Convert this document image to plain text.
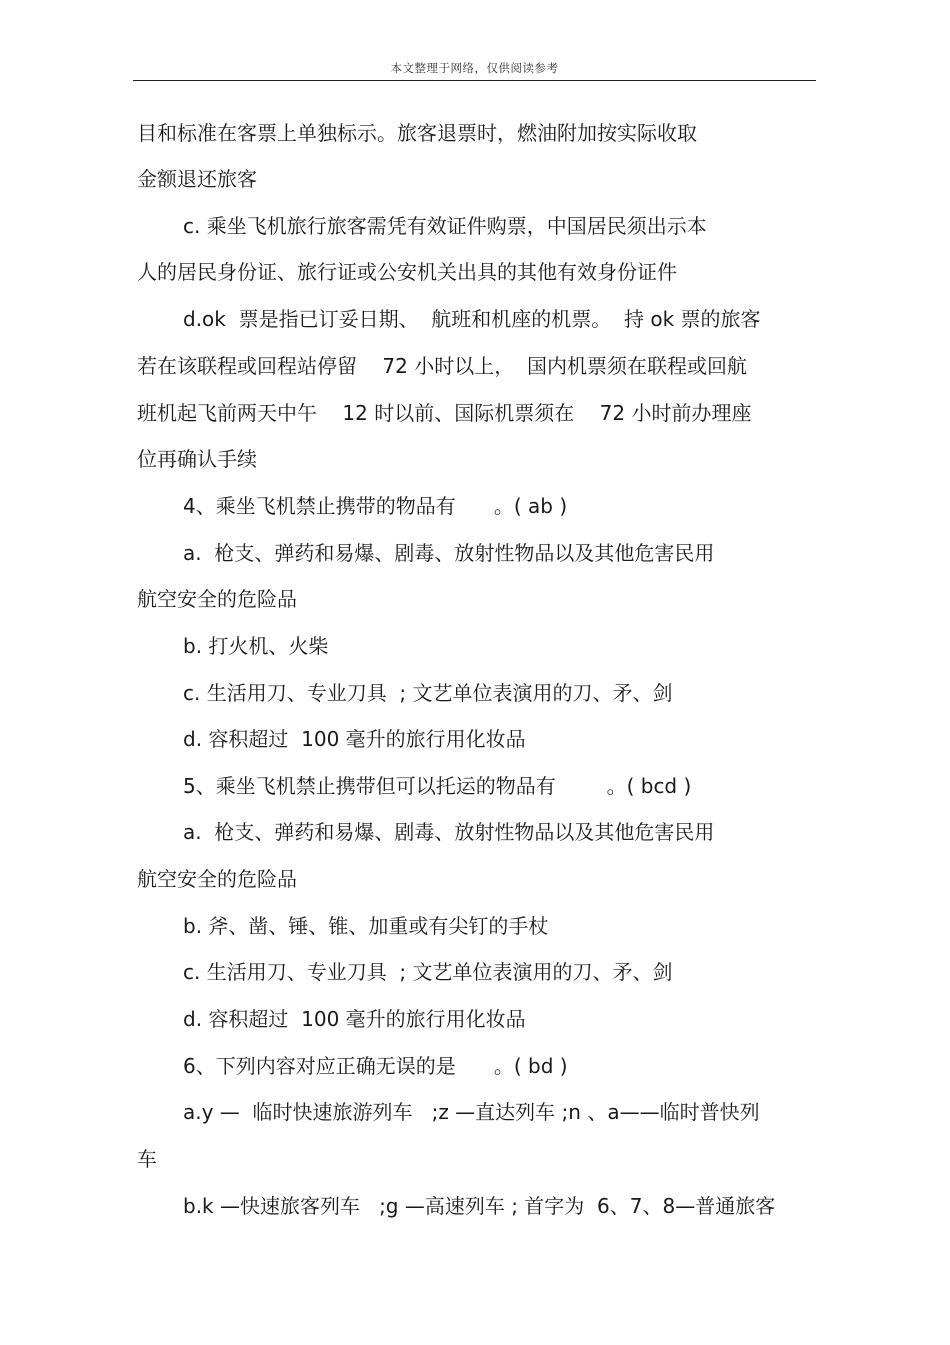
本文整理于网络，仅供阅读参考
目和标准在客票上单独标示。旅客退票时，燃油附加按实际收取
金额退还旅客
c. 乘坐飞机旅行旅客需凭有效证件购票，中国居民须出示本
人的居民身份证、旅行证或公安机关出具的其他有效身份证件
d.ok  票是指已订妥日期、  航班和机座的机票。  持 ok 票的旅客
若在该联程或回程站停留    72 小时以上，  国内机票须在联程或回航
班机起飞前两天中午    12 时以前、国际机票须在    72 小时前办理座
位再确认手续
4、乘坐飞机禁止携带的物品有      。( ab )
a.  枪支、弹药和易爆、剧毒、放射性物品以及其他危害民用
航空安全的危险品
b. 打火机、火柴
c. 生活用刀、专业刀具  ; 文艺单位表演用的刀、矛、剑
d. 容积超过  100 毫升的旅行用化妆品
5、乘坐飞机禁止携带但可以托运的物品有        。( bcd )
a.  枪支、弹药和易爆、剧毒、放射性物品以及其他危害民用
航空安全的危险品
b. 斧、凿、锤、锥、加重或有尖钉的手杖
c. 生活用刀、专业刀具  ; 文艺单位表演用的刀、矛、剑
d. 容积超过  100 毫升的旅行用化妆品
6、下列内容对应正确无误的是      。( bd )
a.y —  临时快速旅游列车   ;z —直达列车 ;n 、a——临时普快列
车
b.k —快速旅客列车   ;g —高速列车 ; 首字为  6、7、8—普通旅客
